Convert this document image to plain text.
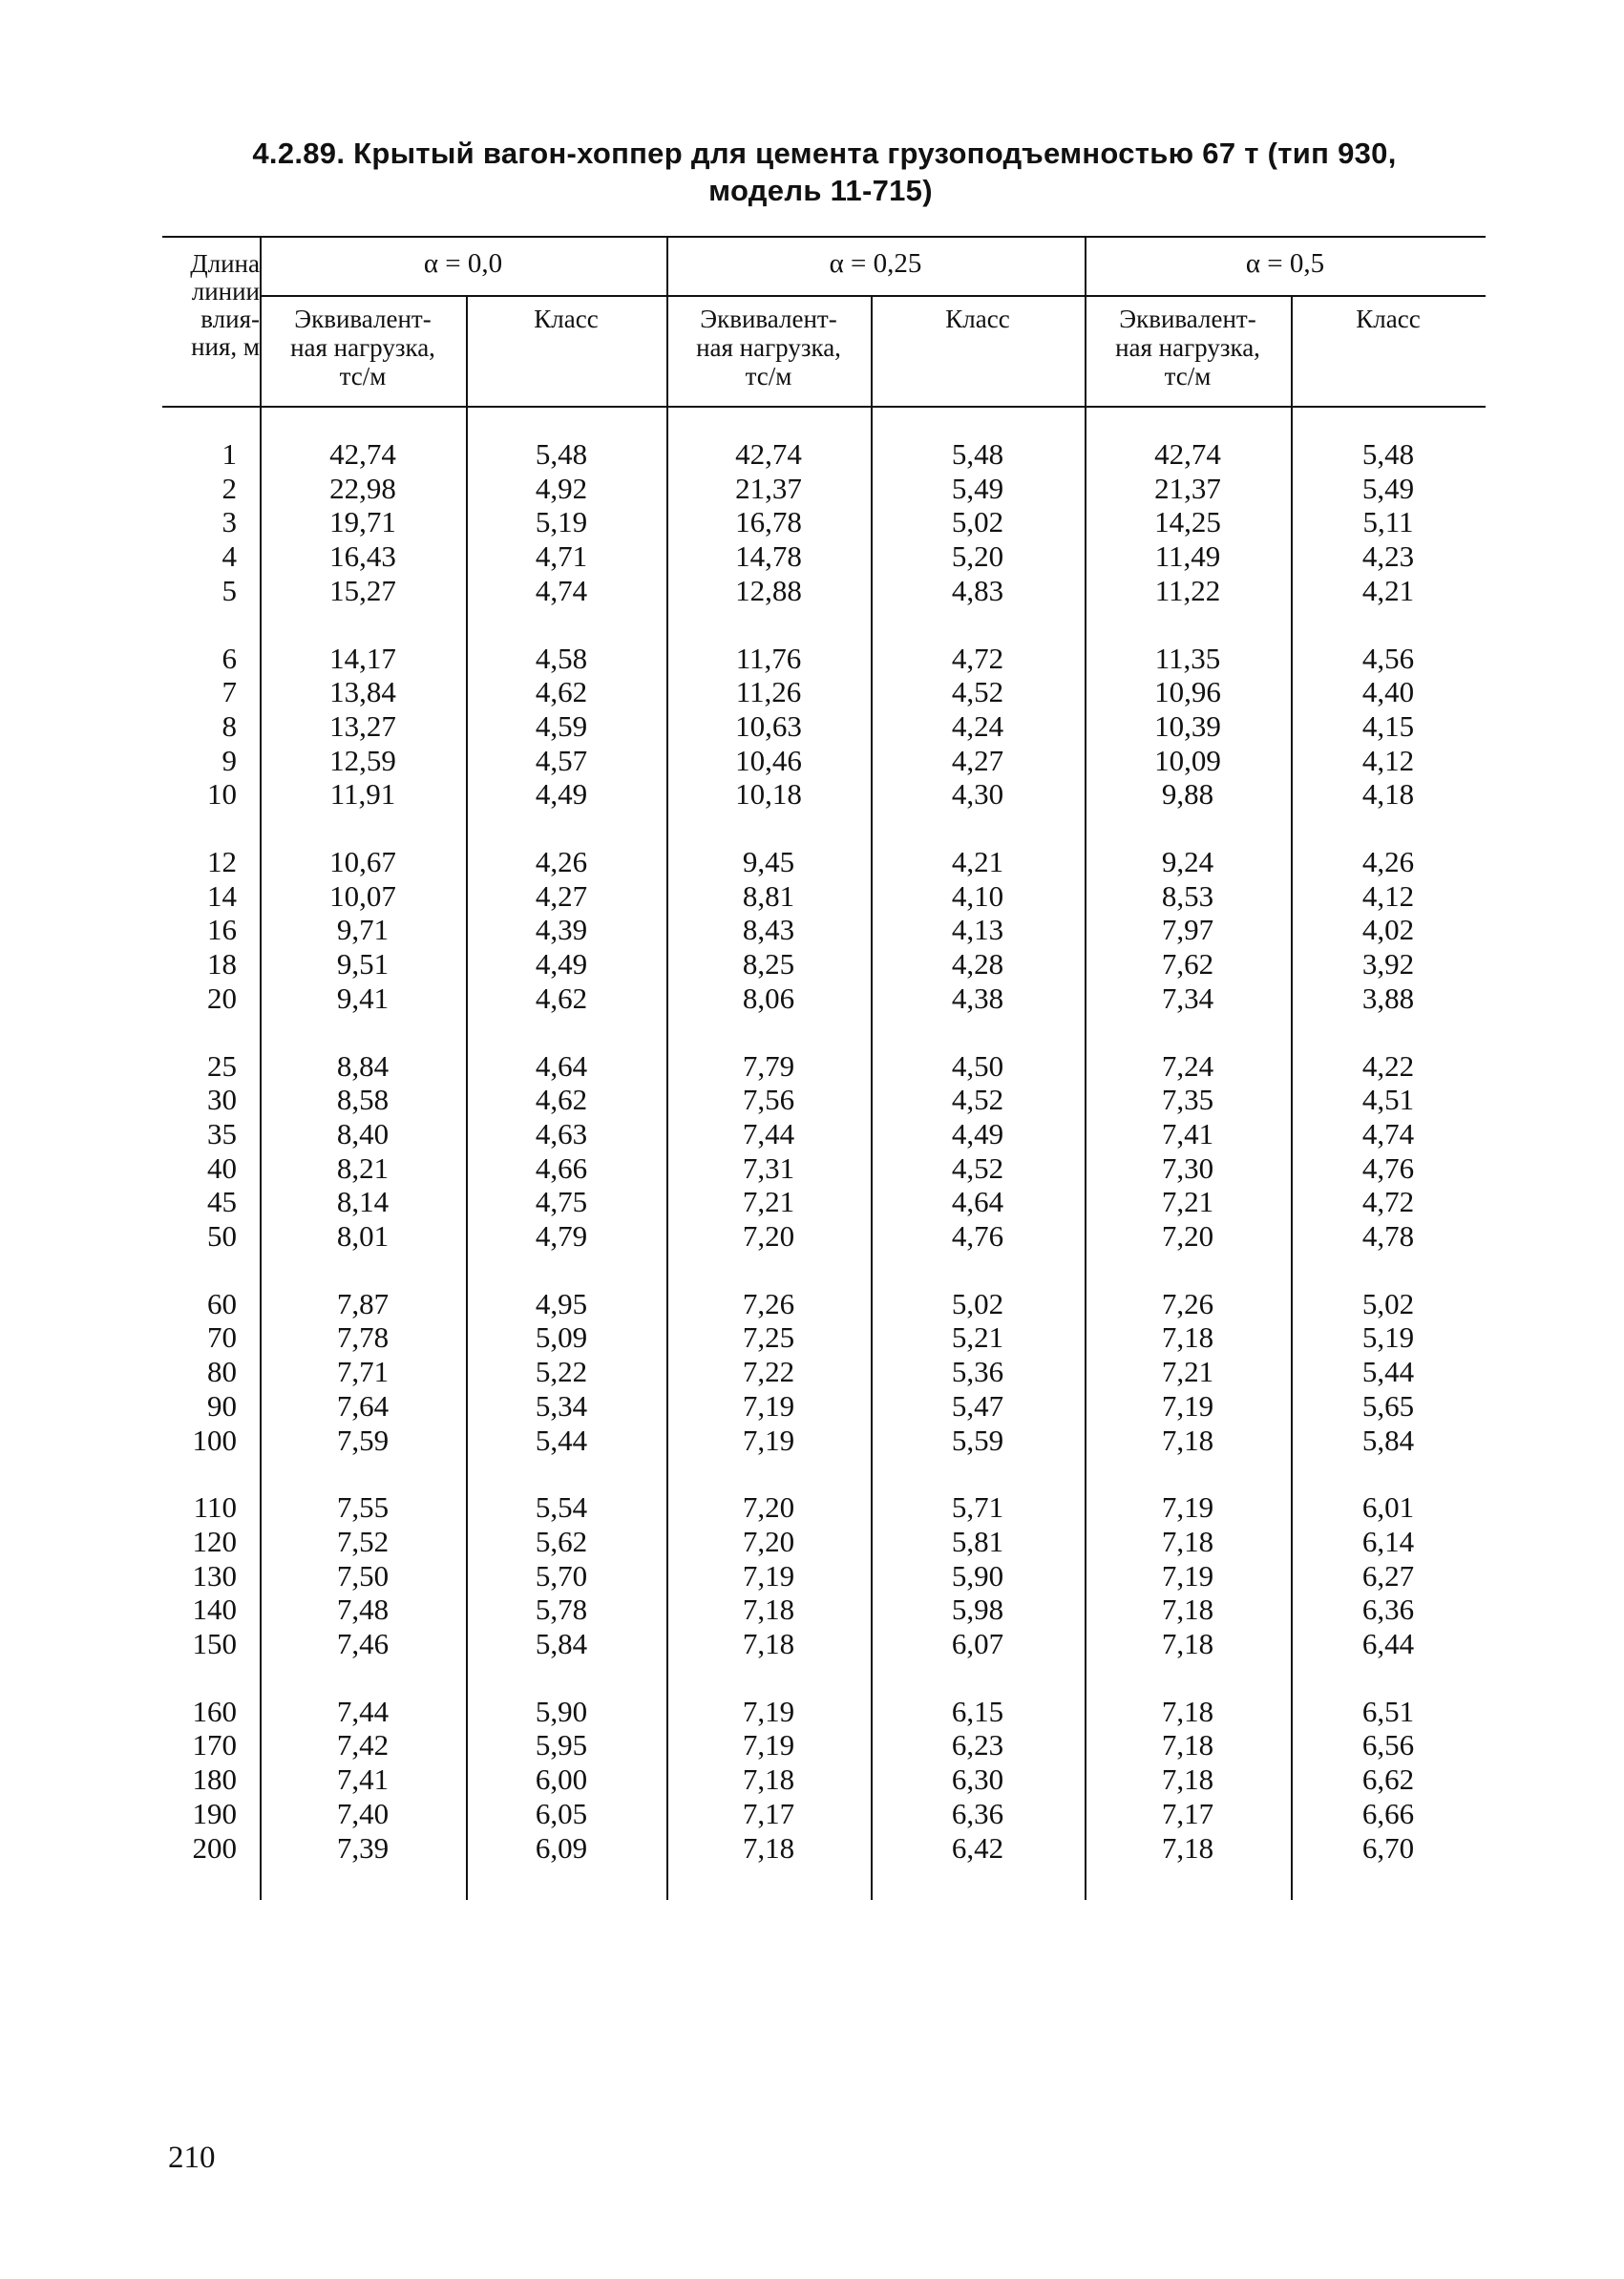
4.2.89. Крытый вагон-хоппер для цемента грузоподъемностью 67 т (тип 930,
модель 11-715)
Длина
линии
влия-
ния, м
α = 0,0	α = 0,25	α = 0,5
Эквивалент-
ная нагрузка,
тс/м
Класс	Эквивалент-
ная нагрузка,
тс/м
Класс	Эквивалент-
ная нагрузка,
тс/м
Класс
1	42,74	5,48	42,74	5,48	42,74	5,48
2	22,98	4,92	21,37	5,49	21,37	5,49
3	19,71	5,19	16,78	5,02	14,25	5,11
4	16,43	4,71	14,78	5,20	11,49	4,23
5	15,27	4,74	12,88	4,83	11,22	4,21
6	14,17	4,58	11,76	4,72	11,35	4,56
7	13,84	4,62	11,26	4,52	10,96	4,40
8	13,27	4,59	10,63	4,24	10,39	4,15
9	12,59	4,57	10,46	4,27	10,09	4,12
10	11,91	4,49	10,18	4,30	9,88	4,18
12	10,67	4,26	9,45	4,21	9,24	4,26
14	10,07	4,27	8,81	4,10	8,53	4,12
16	9,71	4,39	8,43	4,13	7,97	4,02
18	9,51	4,49	8,25	4,28	7,62	3,92
20	9,41	4,62	8,06	4,38	7,34	3,88
25	8,84	4,64	7,79	4,50	7,24	4,22
30	8,58	4,62	7,56	4,52	7,35	4,51
35	8,40	4,63	7,44	4,49	7,41	4,74
40	8,21	4,66	7,31	4,52	7,30	4,76
45	8,14	4,75	7,21	4,64	7,21	4,72
50	8,01	4,79	7,20	4,76	7,20	4,78
60	7,87	4,95	7,26	5,02	7,26	5,02
70	7,78	5,09	7,25	5,21	7,18	5,19
80	7,71	5,22	7,22	5,36	7,21	5,44
90	7,64	5,34	7,19	5,47	7,19	5,65
100	7,59	5,44	7,19	5,59	7,18	5,84
110	7,55	5,54	7,20	5,71	7,19	6,01
120	7,52	5,62	7,20	5,81	7,18	6,14
130	7,50	5,70	7,19	5,90	7,19	6,27
140	7,48	5,78	7,18	5,98	7,18	6,36
150	7,46	5,84	7,18	6,07	7,18	6,44
160	7,44	5,90	7,19	6,15	7,18	6,51
170	7,42	5,95	7,19	6,23	7,18	6,56
180	7,41	6,00	7,18	6,30	7,18	6,62
190	7,40	6,05	7,17	6,36	7,17	6,66
200	7,39	6,09	7,18	6,42	7,18	6,70
210
